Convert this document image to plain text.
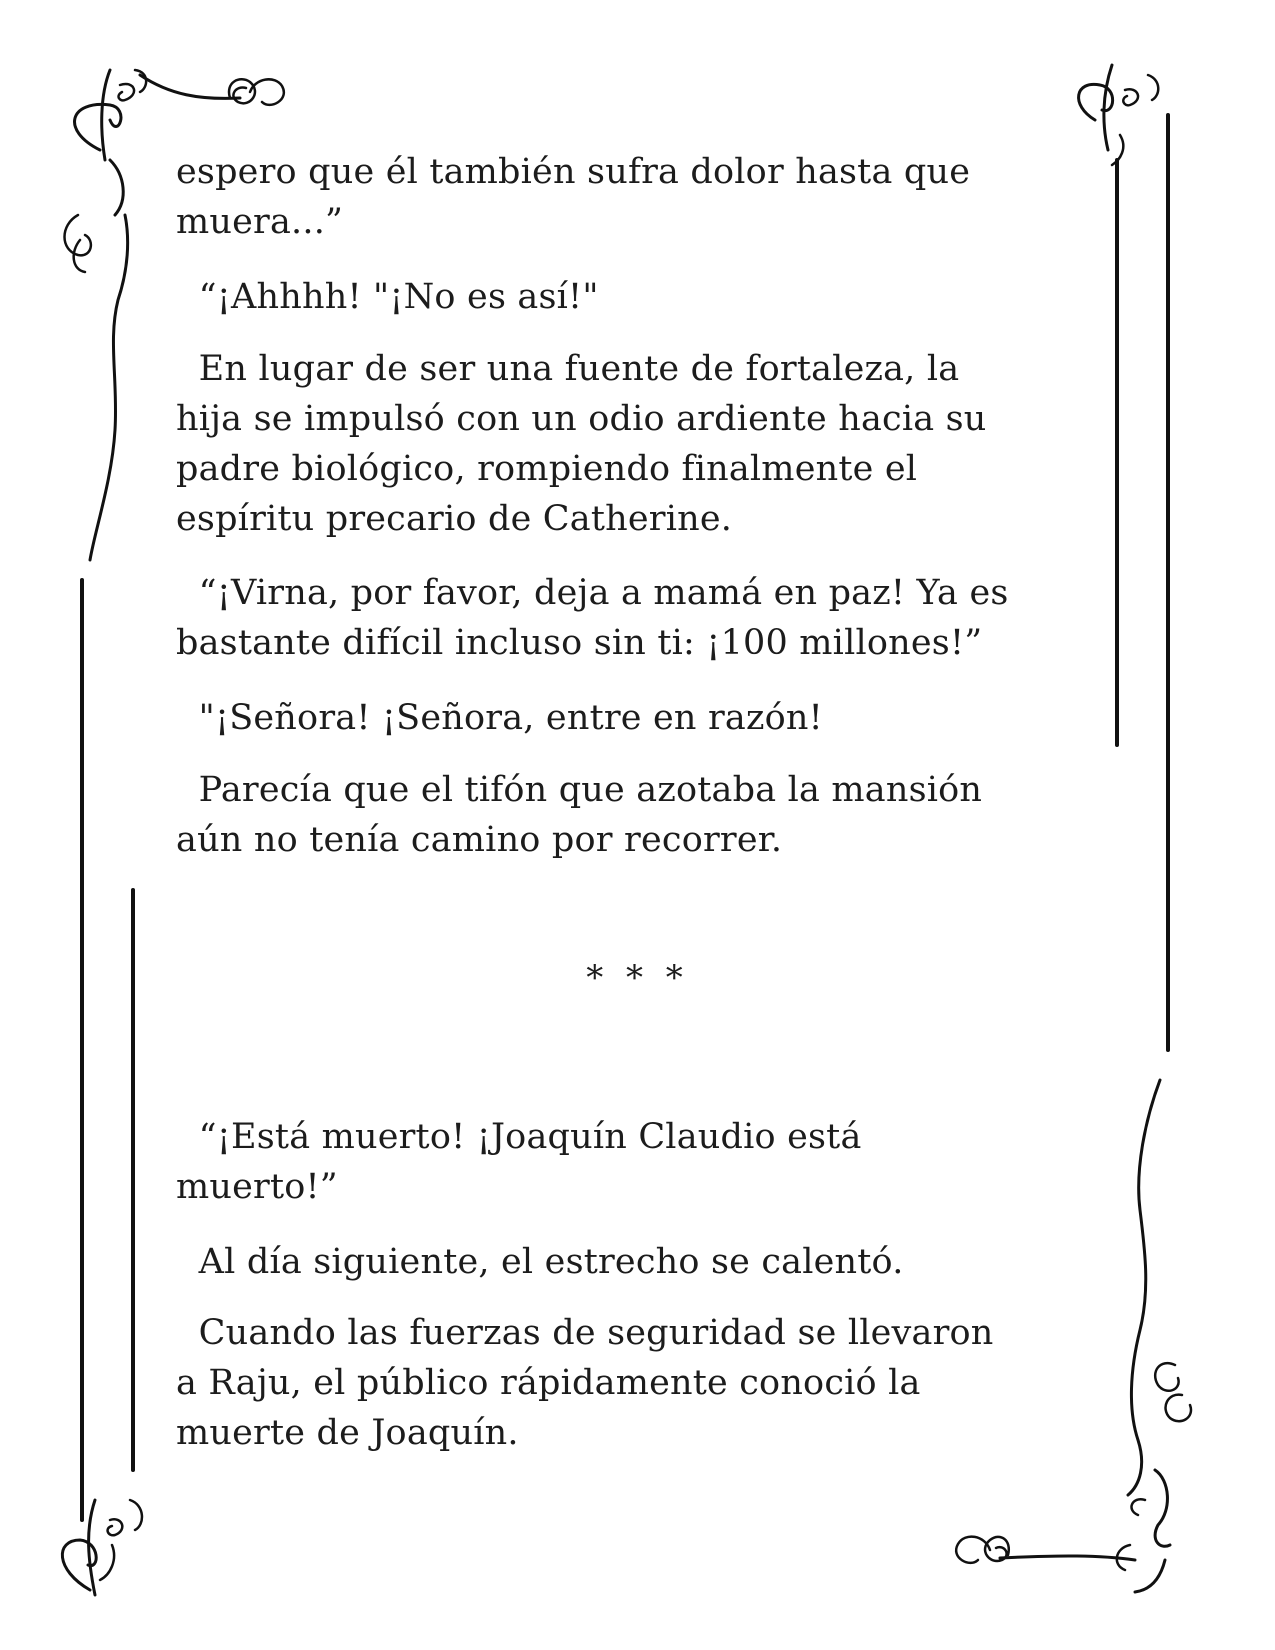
espero que él también sufra dolor hasta que
muera...”

“¡Ahhhh! "¡No es así!"

En lugar de ser una fuente de fortaleza, la
hija se impulsó con un odio ardiente hacia su
padre biológico, rompiendo finalmente el
espíritu precario de Catherine.

“¡Virna, por favor, deja a mamá en paz! Ya es
bastante difícil incluso sin ti: ¡100 millones!”

"¡Señora! ¡Señora, entre en razón!

Parecía que el tifón que azotaba la mansión
aún no tenía camino por recorrer.

* * *

“¡Está muerto! ¡Joaquín Claudio está
muerto!”

Al día siguiente, el estrecho se calentó.

Cuando las fuerzas de seguridad se llevaron
a Raju, el público rápidamente conoció la
muerte de Joaquín.
